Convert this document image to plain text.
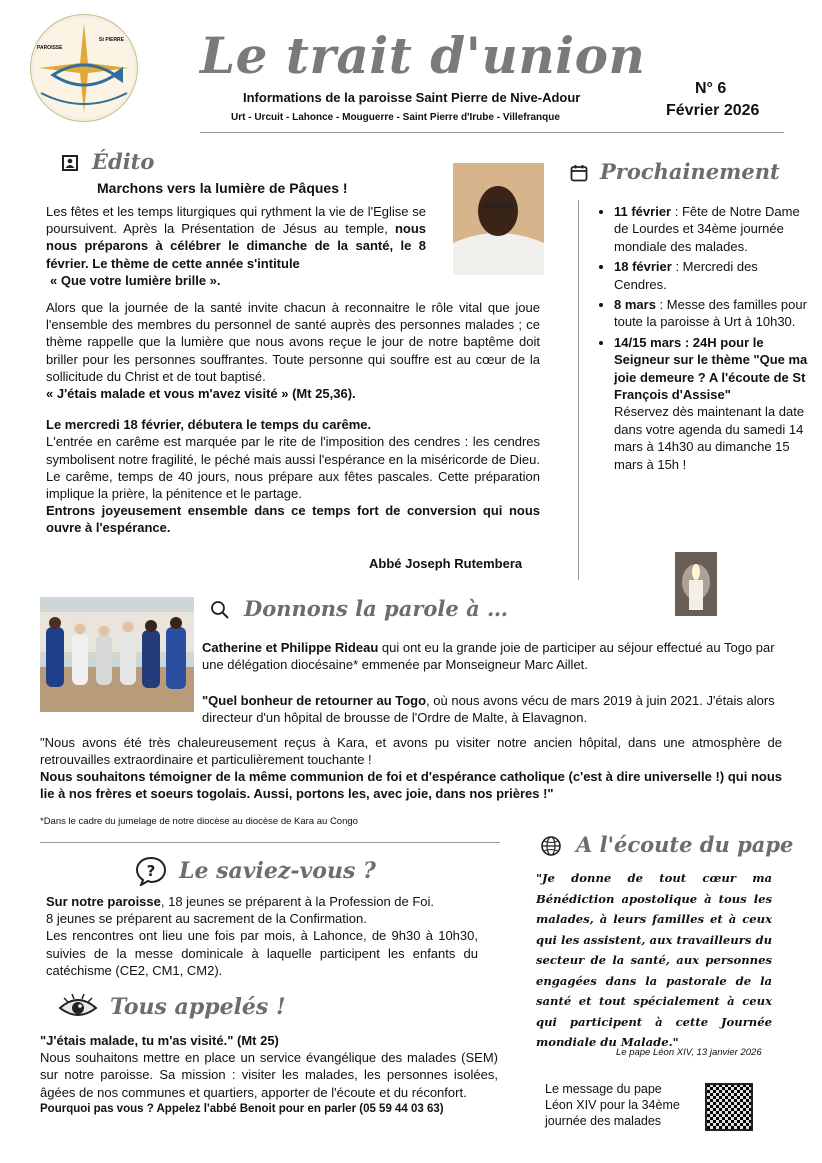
PAROISSE
St PIERRE Le trait d'union
Informations de la paroisse Saint Pierre de Nive-Adour
Urt - Urcuit - Lahonce - Mouguerre - Saint Pierre d'Irube - Villefranque
N° 6
Février 2026
Édito
Marchons vers la lumière de Pâques !
Les fêtes et les temps liturgiques qui rythment la vie de l'Eglise se poursuivent. Après la Présentation de Jésus au temple, nous nous préparons à célébrer le dimanche de la santé, le 8 février. Le thème de cette année s'intitule
« Que votre lumière brille ».

Alors que la journée de la santé invite chacun à reconnaitre le rôle vital que joue l'ensemble des membres du personnel de santé auprès des personnes malades ; ce thème rappelle que la lumière que nous avons reçue le jour de notre baptême doit briller pour les personnes souffrantes. Toute personne qui souffre est au cœur de la sollicitude du Christ et de tout baptisé.

« J'étais malade et vous m'avez visité » (Mt 25,36).

Le mercredi 18 février, débutera le temps du carême.

L'entrée en carême est marquée par le rite de l'imposition des cendres : les cendres symbolisent notre fragilité, le péché mais aussi l'espérance en la miséricorde de Dieu. Le carême, temps de 40 jours, nous prépare aux fêtes pascales. Cette préparation implique la prière, la pénitence et le partage.

Entrons joyeusement ensemble dans ce temps fort de conversion qui nous ouvre à l'espérance.

Abbé Joseph Rutembera
Prochainement
• 11 février : Fête de Notre Dame de Lourdes et 34ème journée mondiale des malades.
• 18 février : Mercredi des Cendres.
• 8 mars : Messe des familles pour toute la paroisse à Urt à 10h30.
• 14/15 mars : 24H pour le Seigneur sur le thème "Que ma joie demeure ? A l'écoute de St François d'Assise"
Réservez dès maintenant la date dans votre agenda du samedi 14 mars à 14h30 au dimanche 15 mars à 15h !
Donnons la parole à …
Catherine et Philippe Rideau qui ont eu la grande joie de participer au séjour effectué au Togo par une délégation diocésaine* emmenée par Monseigneur Marc Aillet.
"Quel bonheur de retourner au Togo, où nous avons vécu de mars 2019 à juin 2021. J'étais alors directeur d'un hôpital de brousse de l'Ordre de Malte, à Elavagnon.
"Nous avons été très chaleureusement reçus à Kara, et avons pu visiter notre ancien hôpital, dans une atmosphère de retrouvailles extraordinaire et particulièrement touchante !
Nous souhaitons témoigner de la même communion de foi et d'espérance catholique (c'est à dire universelle !) qui nous lie à nos frères et soeurs togolais. Aussi, portons les, avec joie, dans nos prières !"
*Dans le cadre du jumelage de notre diocèse au diocèse de Kara au Congo
? Le saviez-vous ?
Sur notre paroisse, 18 jeunes se préparent à la Profession de Foi.
8 jeunes se préparent au sacrement de la Confirmation.
Les rencontres ont lieu une fois par mois, à Lahonce, de 9h30 à 10h30, suivies de la messe dominicale à laquelle participent les enfants du catéchisme (CE2, CM1, CM2).
Tous appelés !
"J'étais malade, tu m'as visité." (Mt 25)
Nous souhaitons mettre en place un service évangélique des malades (SEM) sur notre paroisse. Sa mission : visiter les malades, les personnes isolées, âgées de nos communes et quartiers, apporter de l'écoute et du réconfort.
Pourquoi pas vous ? Appelez l'abbé Benoit pour en parler (05 59 44 03 63)
A l'écoute du pape
"Je donne de tout cœur ma Bénédiction apostolique à tous les malades, à leurs familles et à ceux qui les assistent, aux travailleurs du secteur de la santé, aux personnes engagées dans la pastorale de la santé et tout spécialement à ceux qui participent à cette Journée mondiale du Malade."
Le pape Léon XIV, 13 janvier 2026
Le message du pape Léon XIV pour la 34ème journée des malades
